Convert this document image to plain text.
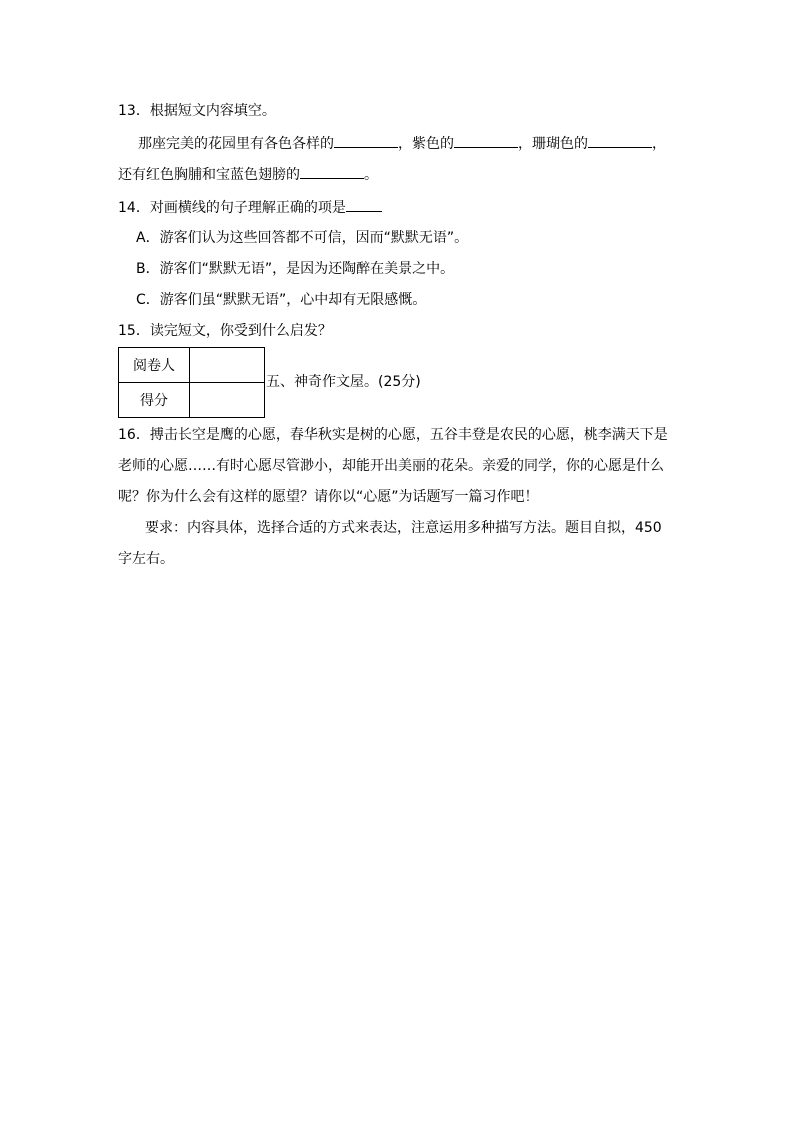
13．根据短文内容填空。
那座完美的花园里有各色各样的	，紫色的	，珊瑚色的	，
还有红色胸脯和宝蓝色翅膀的	。
14．对画横线的句子理解正确的项是
A．游客们认为这些回答都不可信，因而“默默无语”。
B．游客们“默默无语”，是因为还陶醉在美景之中。
C．游客们虽“默默无语”，心中却有无限感慨。
15．读完短文，你受到什么启发？
阅卷人	
得分	
五、神奇作文屋。(25分)
16．搏击长空是鹰的心愿，春华秋实是树的心愿，五谷丰登是农民的心愿，桃李满天下是
老师的心愿……有时心愿尽管渺小，却能开出美丽的花朵。亲爱的同学，你的心愿是什么
呢？你为什么会有这样的愿望？请你以“心愿”为话题写一篇习作吧！
要求：内容具体，选择合适的方式来表达，注意运用多种描写方法。题目自拟，450
字左右。
